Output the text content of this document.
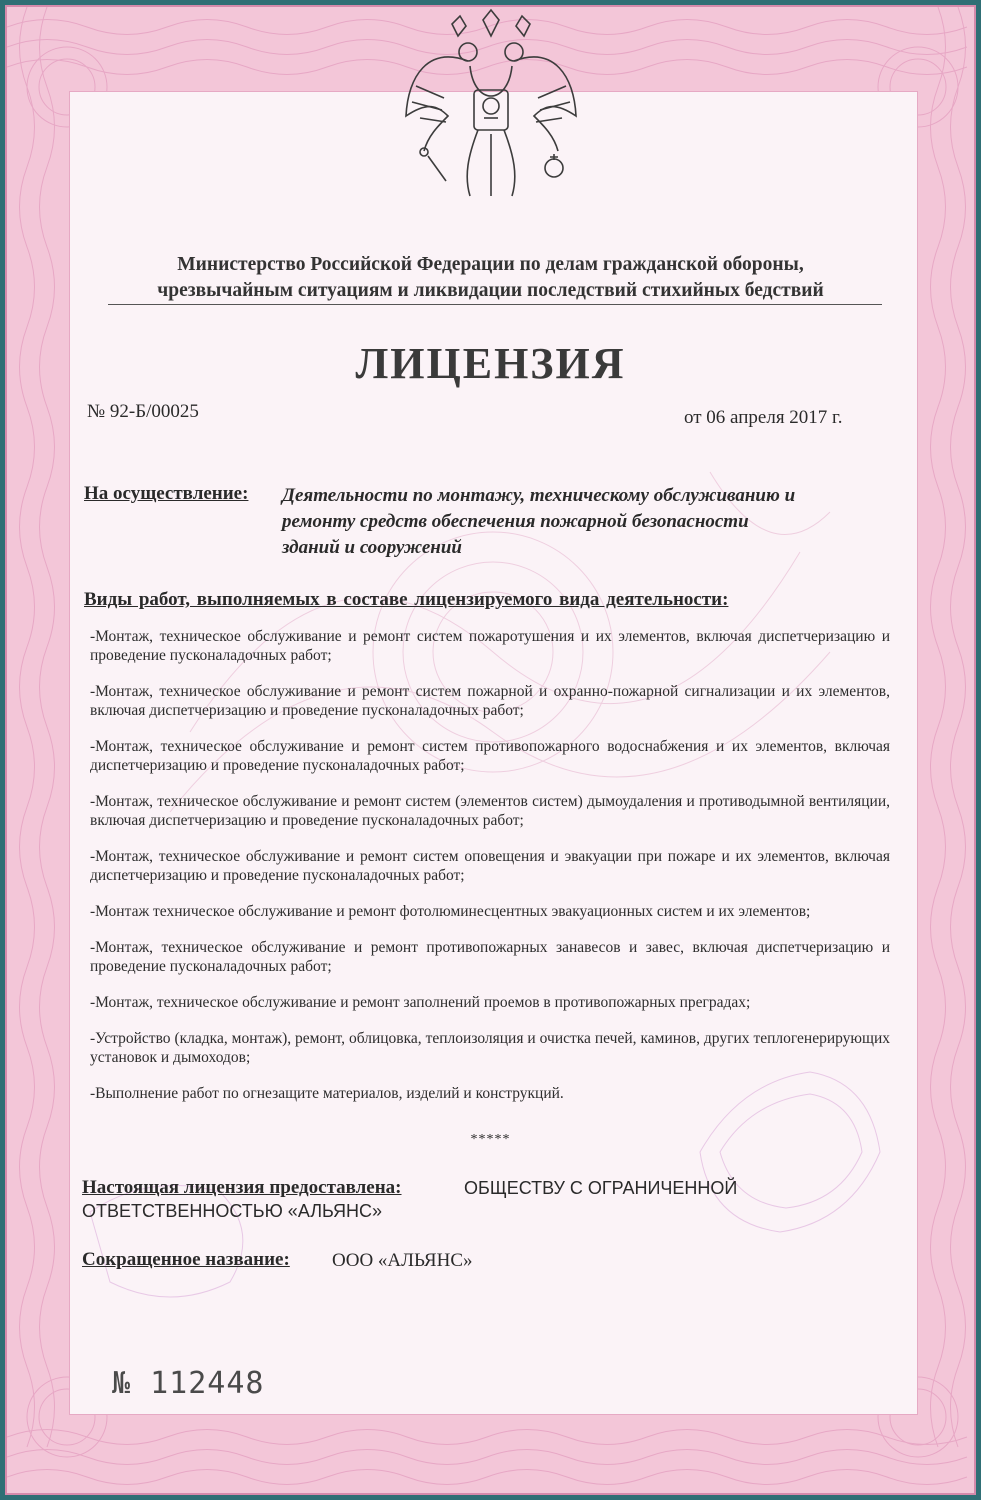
Министерство Российской Федерации по делам гражданской обороны,
чрезвычайным ситуациям и ликвидации последствий стихийных бедствий
ЛИЦЕНЗИЯ
№ 92-Б/00025	от 06 апреля 2017 г.
На осуществление: Деятельности по монтажу, техническому обслуживанию и ремонту средств обеспечения пожарной безопасности зданий и сооружений
Виды работ, выполняемых в составе лицензируемого вида деятельности:

-Монтаж, техническое обслуживание и ремонт систем пожаротушения и их элементов, включая диспетчеризацию и проведение пусконаладочных работ;

-Монтаж, техническое обслуживание и ремонт систем пожарной и охранно-пожарной сигнализации и их элементов, включая диспетчеризацию и проведение пусконаладочных работ;

-Монтаж, техническое обслуживание и ремонт систем противопожарного водоснабжения и их элементов, включая диспетчеризацию и проведение пусконаладочных работ;

-Монтаж, техническое обслуживание и ремонт систем (элементов систем) дымоудаления и противодымной вентиляции, включая диспетчеризацию и проведение пусконаладочных работ;

-Монтаж, техническое обслуживание и ремонт систем оповещения и эвакуации при пожаре и их элементов, включая диспетчеризацию и проведение пусконаладочных работ;

-Монтаж техническое обслуживание и ремонт фотолюминесцентных эвакуационных систем и их элементов;

-Монтаж, техническое обслуживание и ремонт противопожарных занавесов и завес, включая диспетчеризацию и проведение пусконаладочных работ;

-Монтаж, техническое обслуживание и ремонт заполнений проемов в противопожарных преградах;

-Устройство (кладка, монтаж), ремонт, облицовка, теплоизоляция и очистка печей, каминов, других теплогенерирующих установок и дымоходов;

-Выполнение работ по огнезащите материалов, изделий и конструкций.

*****
ОБЩЕСТВУ С ОГРАНИЧЕННОЙ ОТВЕТСТВЕННОСТЬЮ «АЛЬЯНС»
Настоящая лицензия предоставлена:
Сокращенное название: ООО «АЛЬЯНС»
№ 112448
